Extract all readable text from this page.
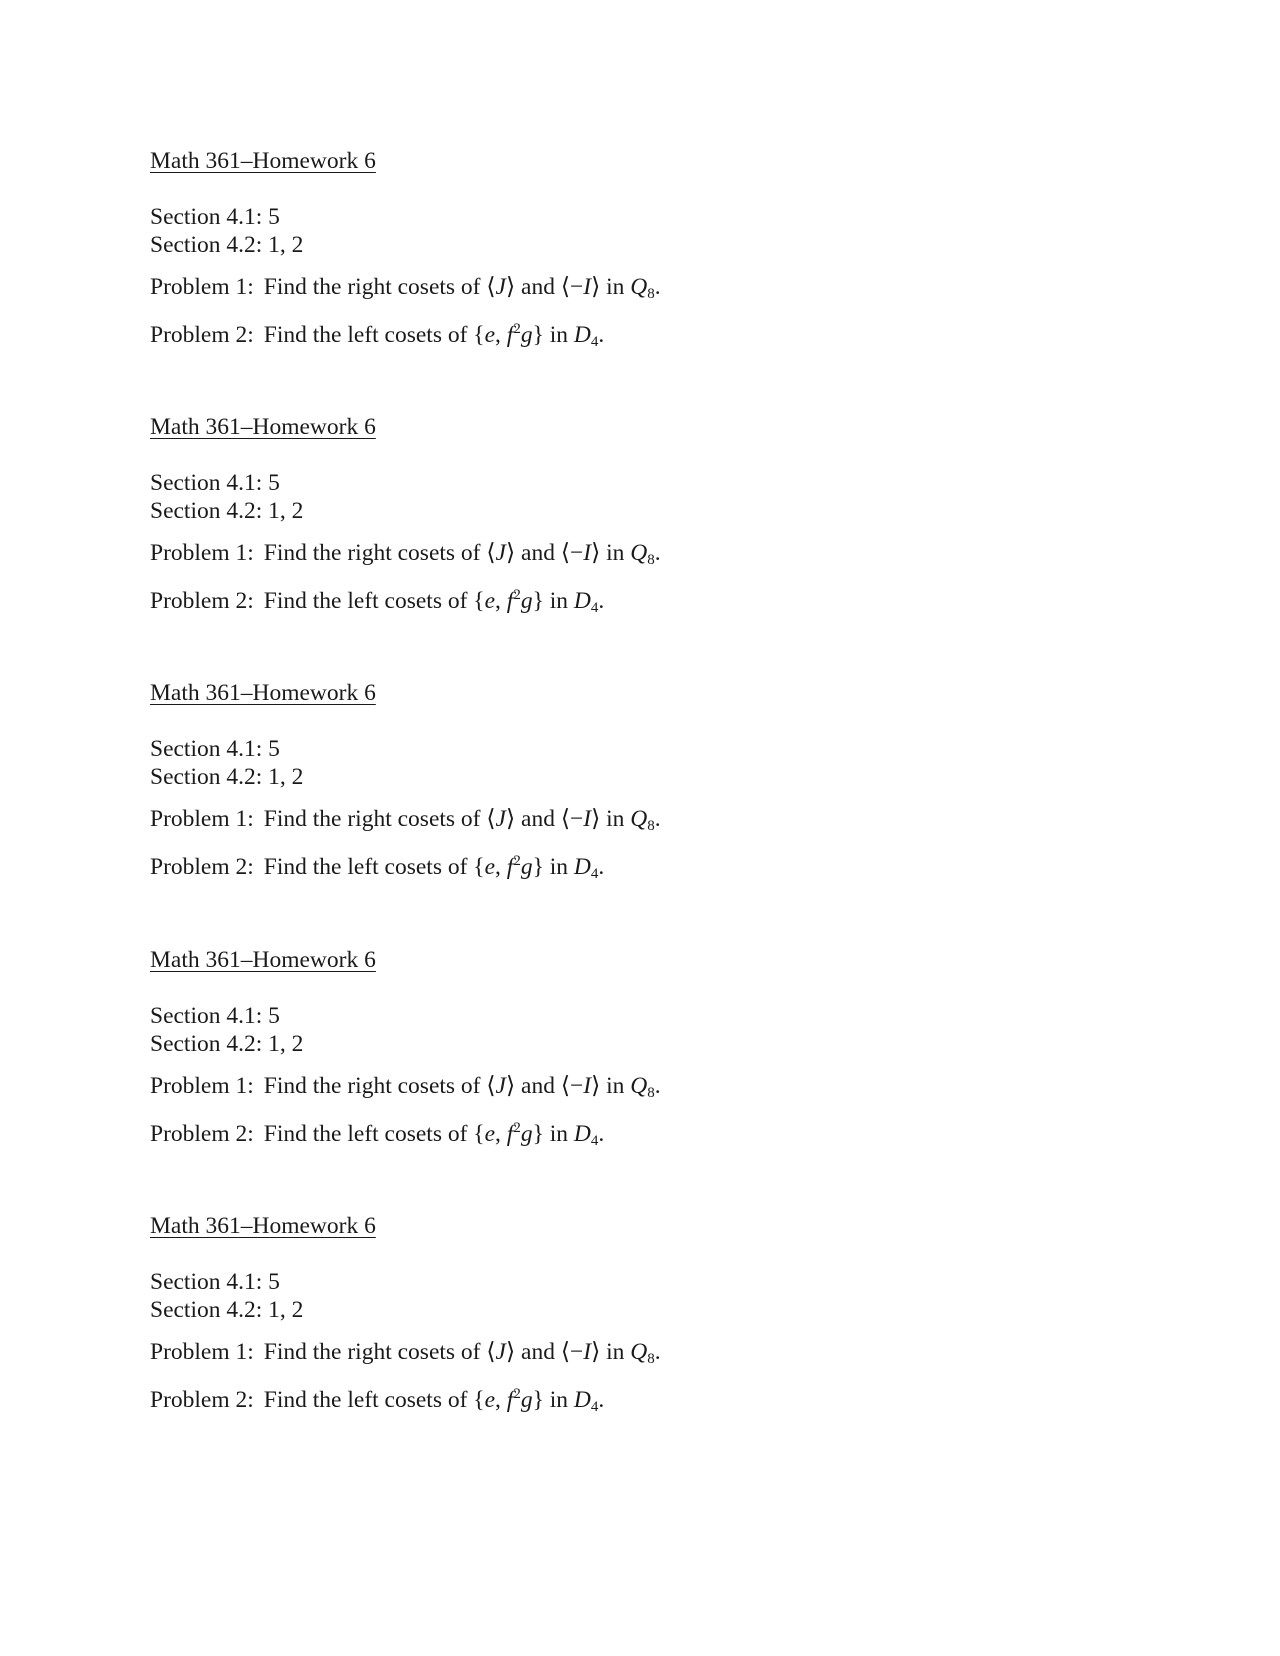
Math 361–Homework 6
Section 4.1: 5
Section 4.2: 1, 2
Problem 1: Find the right cosets of ⟨J⟩ and ⟨−I⟩ in $Q_8$.
Problem 2: Find the left cosets of {e, $f^2g$} in $D_4$.
Math 361–Homework 6
Section 4.1: 5
Section 4.2: 1, 2
Problem 1: Find the right cosets of ⟨J⟩ and ⟨−I⟩ in $Q_8$.
Problem 2: Find the left cosets of {e, $f^2g$} in $D_4$.
Math 361–Homework 6
Section 4.1: 5
Section 4.2: 1, 2
Problem 1: Find the right cosets of ⟨J⟩ and ⟨−I⟩ in $Q_8$.
Problem 2: Find the left cosets of {e, $f^2g$} in $D_4$.
Math 361–Homework 6
Section 4.1: 5
Section 4.2: 1, 2
Problem 1: Find the right cosets of ⟨J⟩ and ⟨−I⟩ in $Q_8$.
Problem 2: Find the left cosets of {e, $f^2g$} in $D_4$.
Math 361–Homework 6
Section 4.1: 5
Section 4.2: 1, 2
Problem 1: Find the right cosets of ⟨J⟩ and ⟨−I⟩ in $Q_8$.
Problem 2: Find the left cosets of {e, $f^2g$} in $D_4$.
